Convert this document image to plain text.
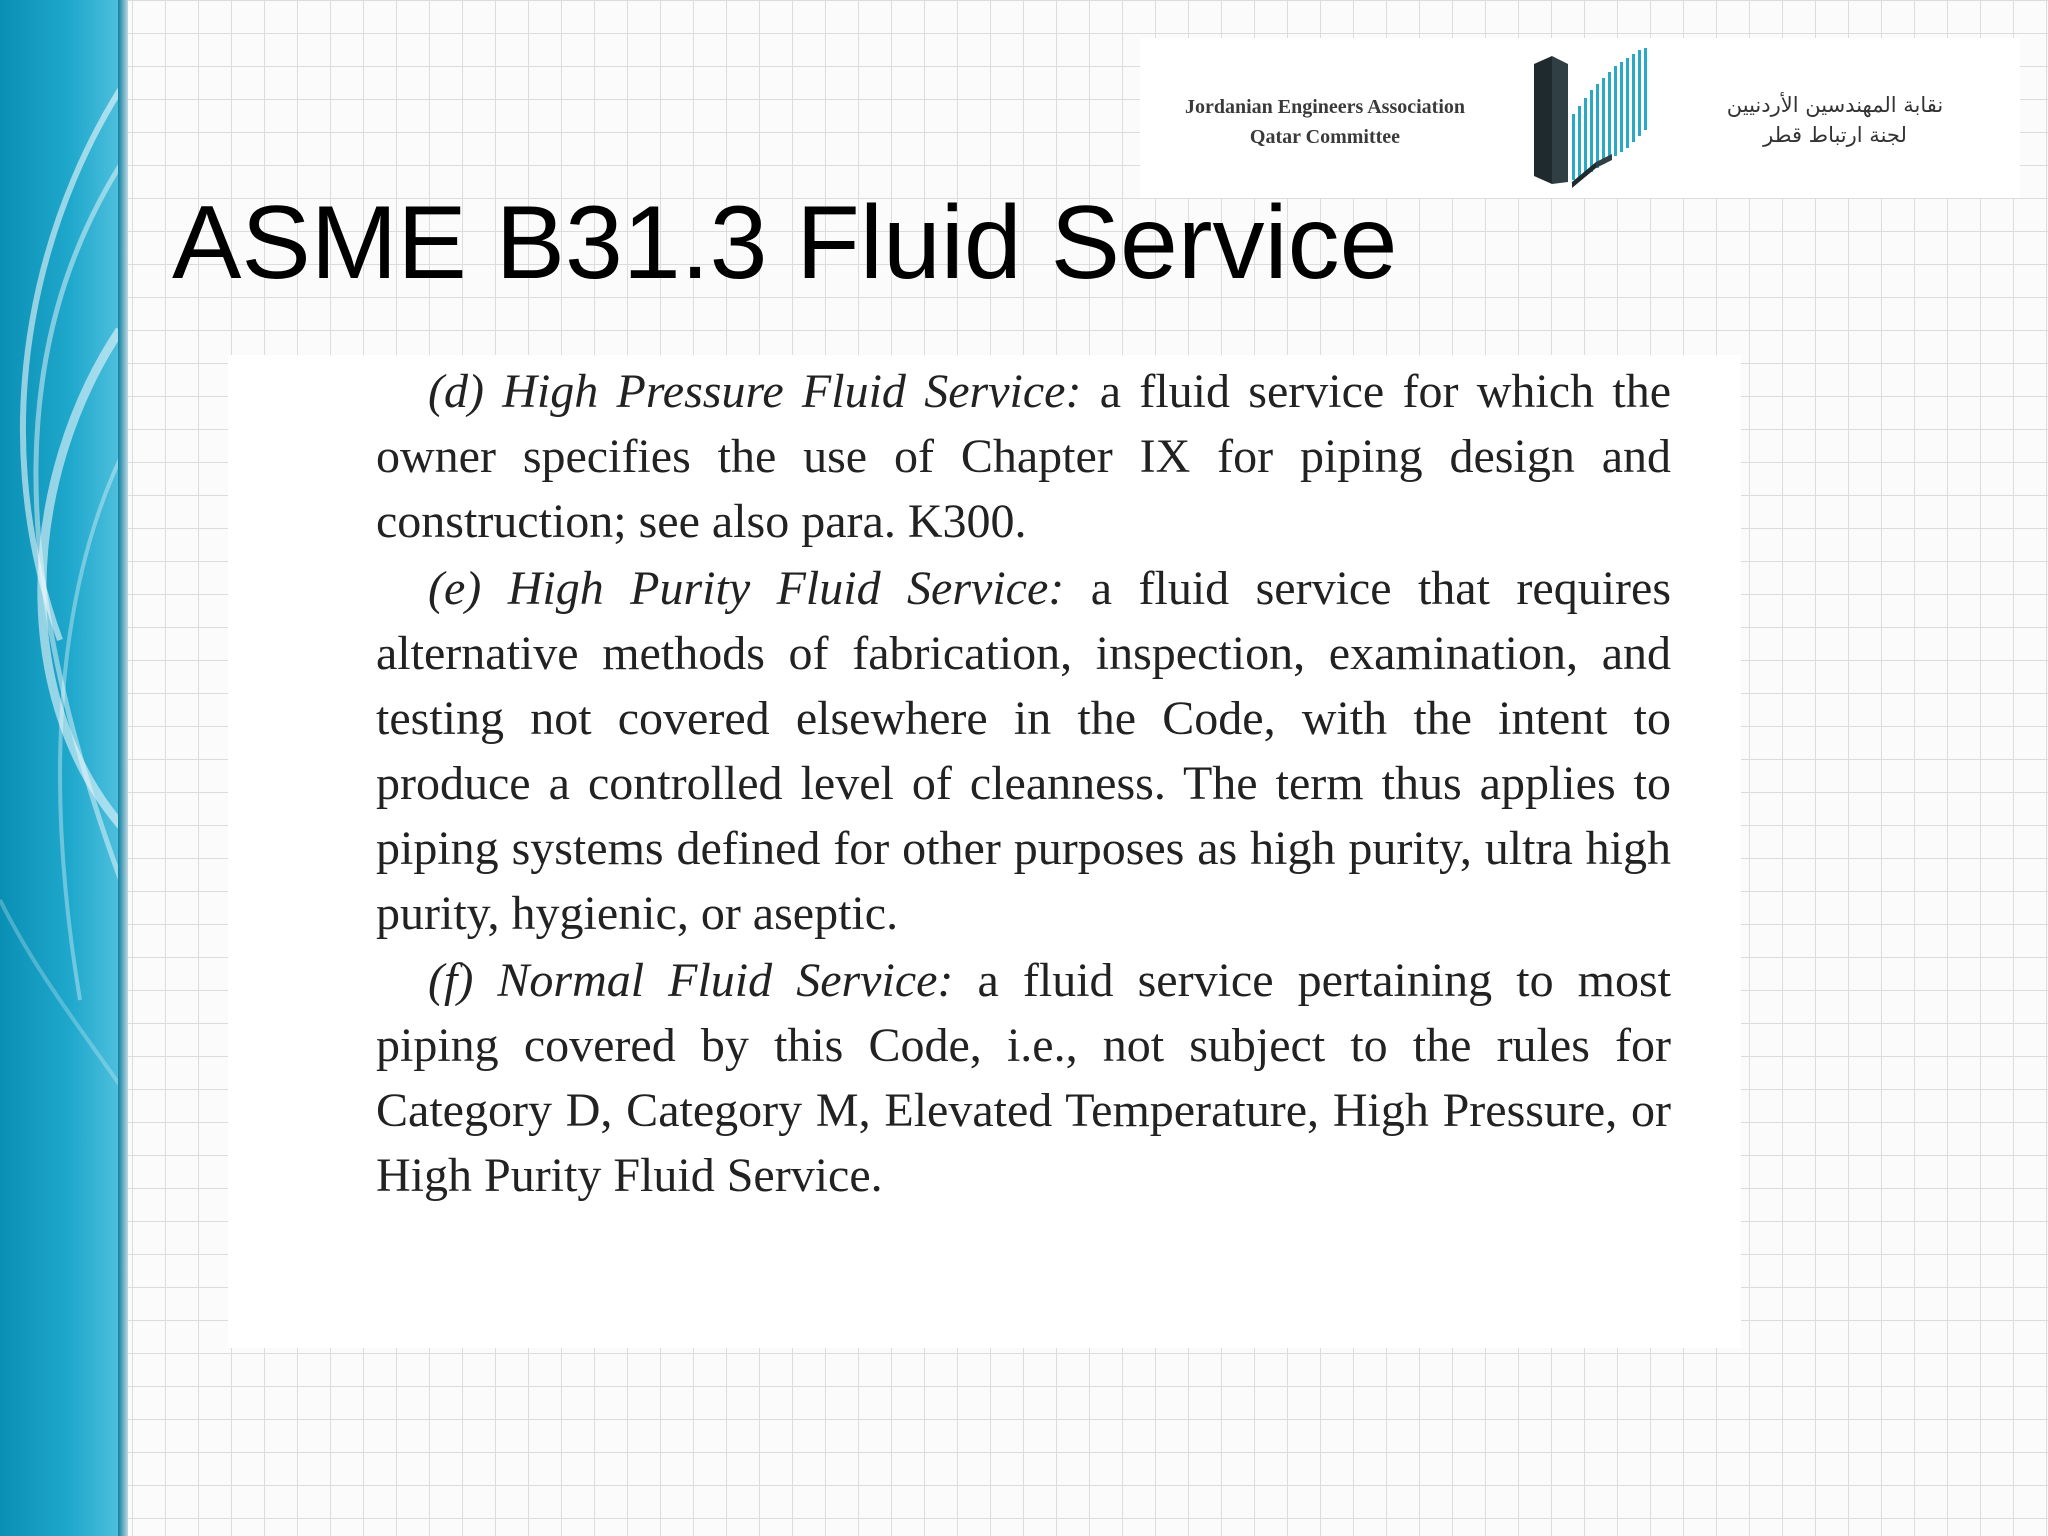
Jordanian Engineers Association
Qatar Committee
نقابة المهندسين الأردنيين
لجنة ارتباط قطر
ASME B31.3 Fluid Service

(d) High Pressure Fluid Service: a fluid service for which the owner specifies the use of Chapter IX for piping design and construction; see also para. K300.

(e) High Purity Fluid Service: a fluid service that requires alternative methods of fabrication, inspection, examination, and testing not covered elsewhere in the Code, with the intent to produce a controlled level of cleanness. The term thus applies to piping systems defined for other purposes as high purity, ultra high purity, hygienic, or aseptic.

(f) Normal Fluid Service: a fluid service pertaining to most piping covered by this Code, i.e., not subject to the rules for Category D, Category M, Elevated Temperature, High Pressure, or High Purity Fluid Service.
